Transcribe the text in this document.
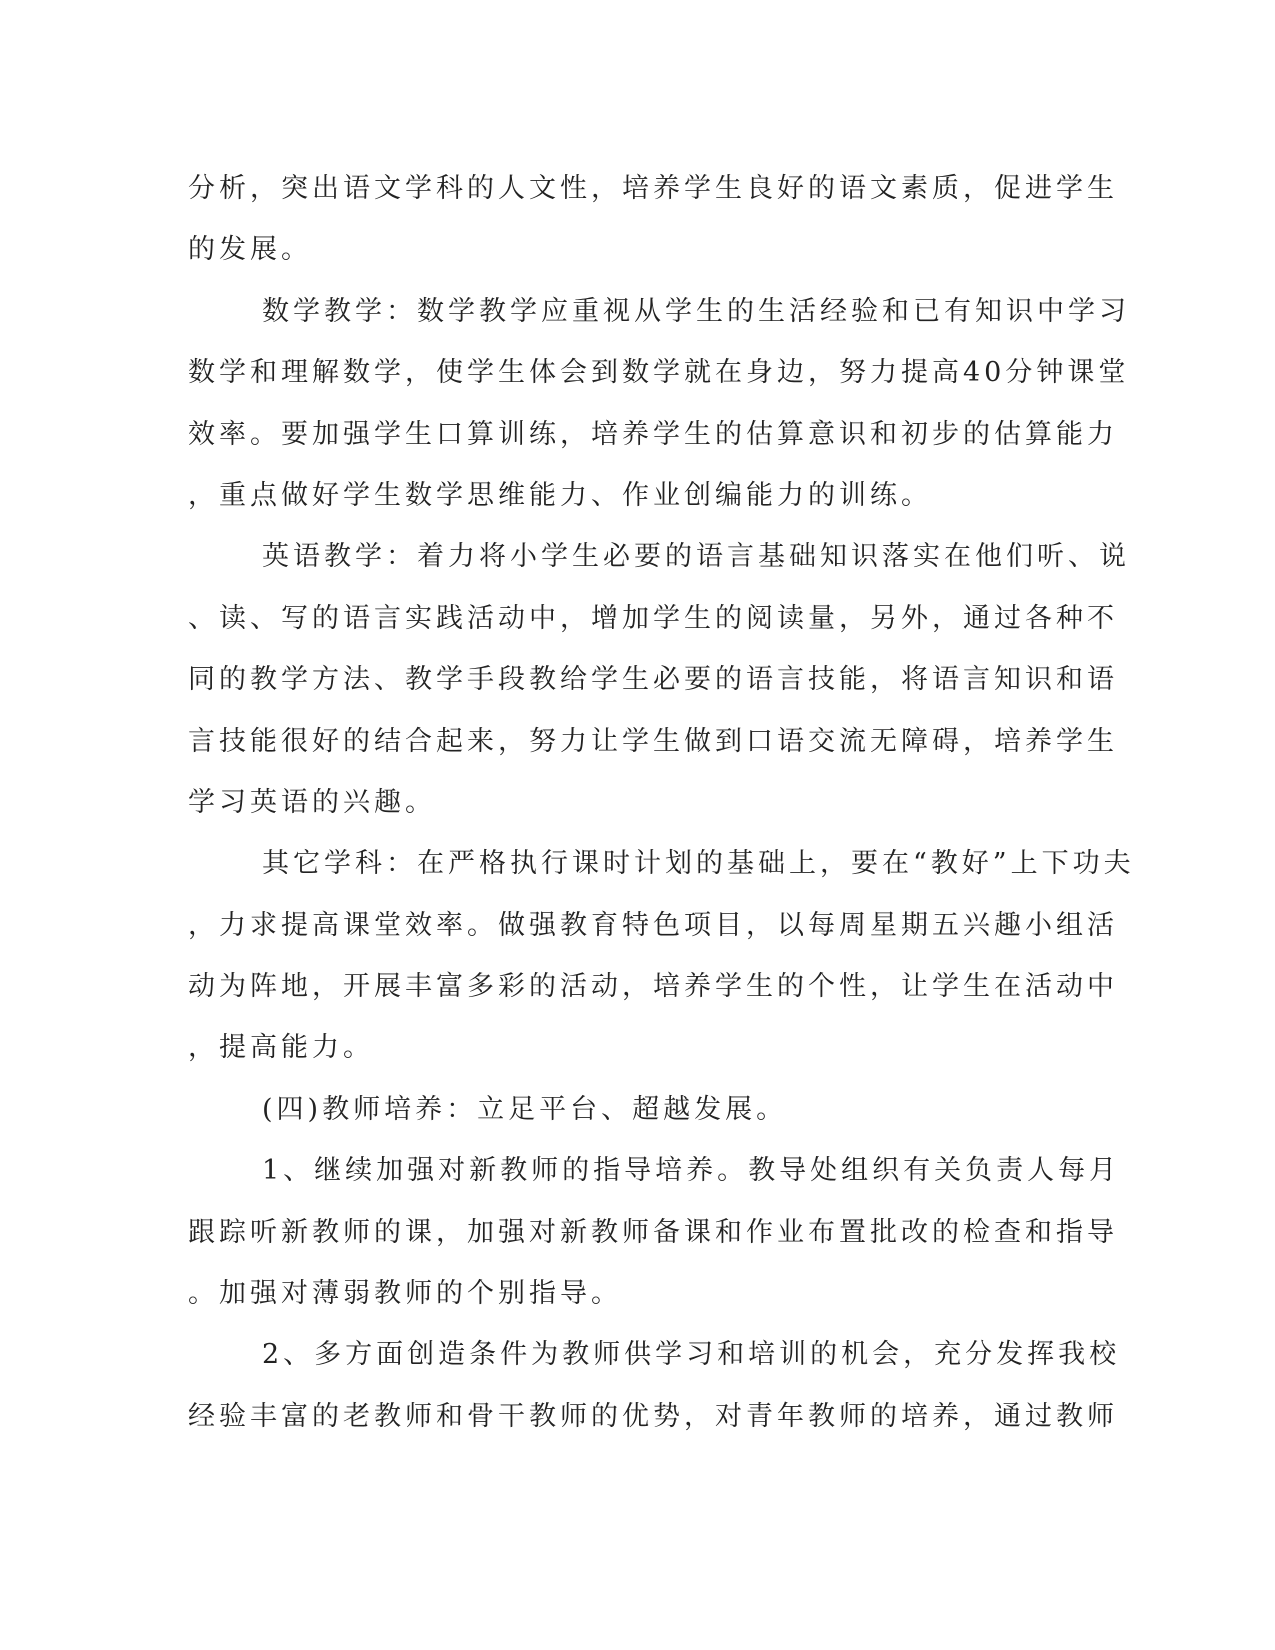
分析，突出语文学科的人文性，培养学生良好的语文素质，促进学生
的发展。
数学教学：数学教学应重视从学生的生活经验和已有知识中学习
数学和理解数学，使学生体会到数学就在身边，努力提高40分钟课堂
效率。要加强学生口算训练，培养学生的估算意识和初步的估算能力
，重点做好学生数学思维能力、作业创编能力的训练。
英语教学：着力将小学生必要的语言基础知识落实在他们听、说
、读、写的语言实践活动中，增加学生的阅读量，另外，通过各种不
同的教学方法、教学手段教给学生必要的语言技能，将语言知识和语
言技能很好的结合起来，努力让学生做到口语交流无障碍，培养学生
学习英语的兴趣。
其它学科：在严格执行课时计划的基础上，要在“教好”上下功夫
，力求提高课堂效率。做强教育特色项目，以每周星期五兴趣小组活
动为阵地，开展丰富多彩的活动，培养学生的个性，让学生在活动中
，提高能力。
(四)教师培养：立足平台、超越发展。
1、继续加强对新教师的指导培养。教导处组织有关负责人每月
跟踪听新教师的课，加强对新教师备课和作业布置批改的检查和指导
。加强对薄弱教师的个别指导。
2、多方面创造条件为教师供学习和培训的机会，充分发挥我校
经验丰富的老教师和骨干教师的优势，对青年教师的培养，通过教师
